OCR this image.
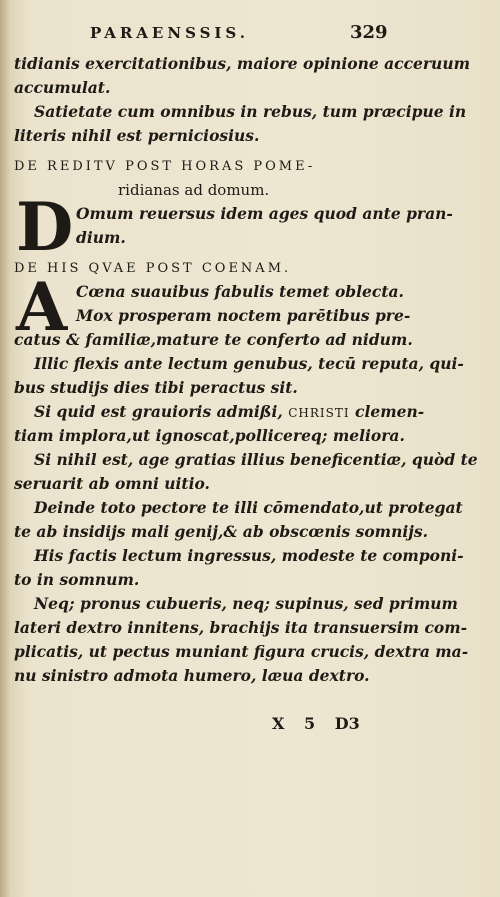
PARAENSSIS.	329
tidianis exercitationibus, maiore opinione acceruum
accumulat.
Satietate cum omnibus in rebus, tum præcipue in
literis nihil est perniciosius.
DE REDITV POST HORAS POME-
ridianas ad domum.
D Omum reuersus idem ages quod ante pran-
dium.
DE HIS QVAE POST COENAM.
A Cœna suauibus fabulis temet oblecta.
Mox prosperam noctem parētibus pre-
catus & familiæ,mature te conferto ad nidum.
Illic flexis ante lectum genubus, tecū reputa, qui-
bus studijs dies tibi peractus sit.
Si quid est grauioris admißi, CHRISTI clemen-
tiam implora,ut ignoscat,pollicereq; meliora.
Si nihil est, age gratias illius beneficentiæ, quòd te
seruarit ab omni uitio.
Deinde toto pectore te illi cōmendato,ut protegat
te ab insidijs mali genij,& ab obscœnis somnijs.
His factis lectum ingressus, modeste te componi-
to in somnum.
Neq; pronus cubueris, neq; supinus, sed primum
lateri dextro innitens, brachijs ita transuersim com-
plicatis, ut pectus muniant figura crucis, dextra ma-
nu sinistro admota humero, læua dextro.
X 5 D3
